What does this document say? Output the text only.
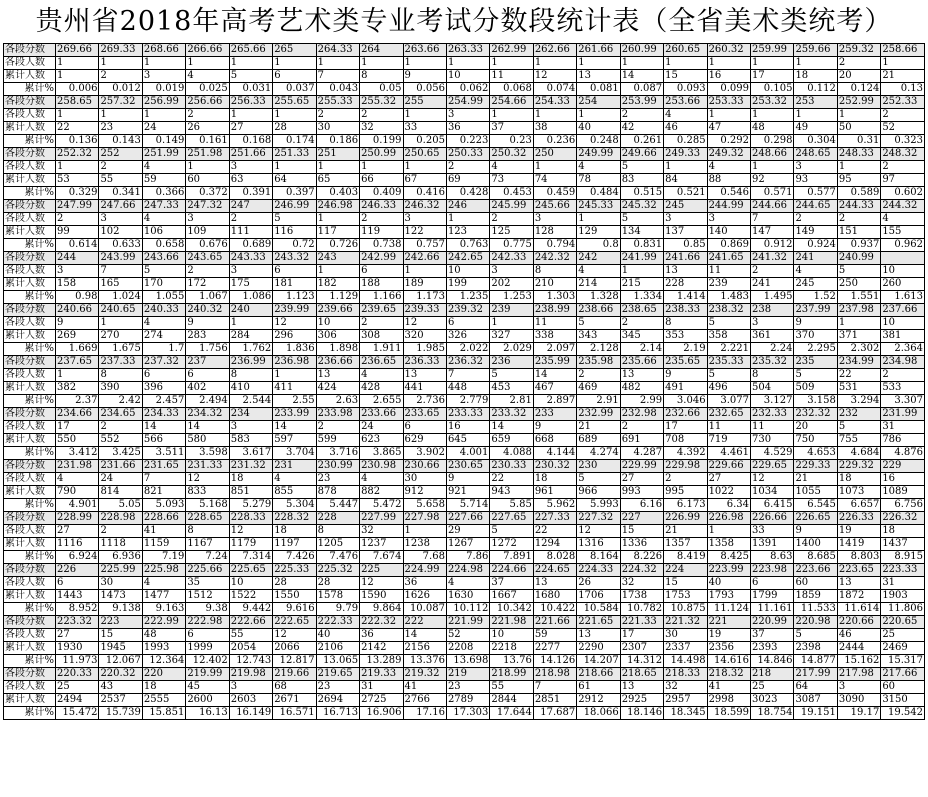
贵州省2018年高考艺术类专业考试分数段统计表（全省美术类统考）
各段分数	269.66	269.33	268.66	266.66	265.66	265	264.33	264	263.66	263.33	262.99	262.66	261.66	260.99	260.65	260.32	259.99	259.66	259.32	258.66
各段人数	1	1	1	1	1	1	1	1	1	1	1	1	1	1	1	1	1	1	2	1
累计人数	1	2	3	4	5	6	7	8	9	10	11	12	13	14	15	16	17	18	20	21
累计%	0.006	0.012	0.019	0.025	0.031	0.037	0.043	0.05	0.056	0.062	0.068	0.074	0.081	0.087	0.093	0.099	0.105	0.112	0.124	0.13
各段分数	258.65	257.32	256.99	256.66	256.33	255.65	255.33	255.32	255	254.99	254.66	254.33	254	253.99	253.66	253.33	253.32	253	252.99	252.33
各段人数	1	1	1	2	1	1	2	2	1	3	1	1	1	2	4	1	1	1	1	2
累计人数	22	23	24	26	27	28	30	32	33	36	37	38	40	42	46	47	48	49	50	52
累计%	0.136	0.143	0.149	0.161	0.168	0.174	0.186	0.199	0.205	0.223	0.23	0.236	0.248	0.261	0.285	0.292	0.298	0.304	0.31	0.323
各段分数	252.32	252	251.99	251.98	251.66	251.33	251	250.99	250.65	250.33	250.32	250	249.99	249.66	249.33	249.32	248.66	248.65	248.33	248.32
各段人数	1	2	4	1	3	1	1	1	1	2	4	1	4	5	1	4	1	3	1	2
累计人数	53	55	59	60	63	64	65	66	67	69	73	74	78	83	84	88	92	93	95	97
累计%	0.329	0.341	0.366	0.372	0.391	0.397	0.403	0.409	0.416	0.428	0.453	0.459	0.484	0.515	0.521	0.546	0.571	0.577	0.589	0.602
各段分数	247.99	247.66	247.33	247.32	247	246.99	246.98	246.33	246.32	246	245.99	245.66	245.33	245.32	245	244.99	244.66	244.65	244.33	244.32
各段人数	2	3	4	3	2	5	1	2	3	1	2	3	1	5	3	3	7	2	2	4
累计人数	99	102	106	109	111	116	117	119	122	123	125	128	129	134	137	140	147	149	151	155
累计%	0.614	0.633	0.658	0.676	0.689	0.72	0.726	0.738	0.757	0.763	0.775	0.794	0.8	0.831	0.85	0.869	0.912	0.924	0.937	0.962
各段分数	244	243.99	243.66	243.65	243.33	243.32	243	242.99	242.66	242.65	242.33	242.32	242	241.99	241.66	241.65	241.32	241	240.99	
各段人数	3	7	5	2	3	6	1	6	1	10	3	8	4	1	13	11	2	4	5	10
累计人数	158	165	170	172	175	181	182	188	189	199	202	210	214	215	228	239	241	245	250	260
累计%	0.98	1.024	1.055	1.067	1.086	1.123	1.129	1.166	1.173	1.235	1.253	1.303	1.328	1.334	1.414	1.483	1.495	1.52	1.551	1.613
各段分数	240.66	240.65	240.33	240.32	240	239.99	239.66	239.65	239.33	239.32	239	238.99	238.66	238.65	238.33	238.32	238	237.99	237.98	237.66
各段人数	9	1	4	9	1	12	10	2	12	6	1	11	5	2	8	5	3	9	1	10
累计人数	269	270	274	283	284	296	306	308	320	326	327	338	343	345	353	358	361	370	371	381
累计%	1.669	1.675	1.7	1.756	1.762	1.836	1.898	1.911	1.985	2.022	2.029	2.097	2.128	2.14	2.19	2.221	2.24	2.295	2.302	2.364
各段分数	237.65	237.33	237.32	237	236.99	236.98	236.66	236.65	236.33	236.32	236	235.99	235.98	235.66	235.65	235.33	235.32	235	234.99	234.98
各段人数	1	8	6	6	8	1	13	4	13	7	5	14	2	13	9	5	8	5	22	2
累计人数	382	390	396	402	410	411	424	428	441	448	453	467	469	482	491	496	504	509	531	533
累计%	2.37	2.42	2.457	2.494	2.544	2.55	2.63	2.655	2.736	2.779	2.81	2.897	2.91	2.99	3.046	3.077	3.127	3.158	3.294	3.307
各段分数	234.66	234.65	234.33	234.32	234	233.99	233.98	233.66	233.65	233.33	233.32	233	232.99	232.98	232.66	232.65	232.33	232.32	232	231.99
各段人数	17	2	14	14	3	14	2	24	6	16	14	9	21	2	17	11	11	20	5	31
累计人数	550	552	566	580	583	597	599	623	629	645	659	668	689	691	708	719	730	750	755	786
累计%	3.412	3.425	3.511	3.598	3.617	3.704	3.716	3.865	3.902	4.001	4.088	4.144	4.274	4.287	4.392	4.461	4.529	4.653	4.684	4.876
各段分数	231.98	231.66	231.65	231.33	231.32	231	230.99	230.98	230.66	230.65	230.33	230.32	230	229.99	229.98	229.66	229.65	229.33	229.32	229
各段人数	4	24	7	12	18	4	23	4	30	9	22	18	5	27	2	27	12	21	18	16
累计人数	790	814	821	833	851	855	878	882	912	921	943	961	966	993	995	1022	1034	1055	1073	1089
累计%	4.901	5.05	5.093	5.168	5.279	5.304	5.447	5.472	5.658	5.714	5.85	5.962	5.993	6.16	6.173	6.34	6.415	6.545	6.657	6.756
各段分数	228.99	228.98	228.66	228.65	228.33	228.32	228	227.99	227.98	227.66	227.65	227.33	227.32	227	226.99	226.98	226.66	226.65	226.33	226.32
各段人数	27	2	41	8	12	18	8	32	1	29	5	22	12	15	21	1	33	9	19	18
累计人数	1116	1118	1159	1167	1179	1197	1205	1237	1238	1267	1272	1294	1316	1336	1357	1358	1391	1400	1419	1437
累计%	6.924	6.936	7.19	7.24	7.314	7.426	7.476	7.674	7.68	7.86	7.891	8.028	8.164	8.226	8.419	8.425	8.63	8.685	8.803	8.915
各段分数	226	225.99	225.98	225.66	225.65	225.33	225.32	225	224.99	224.98	224.66	224.65	224.33	224.32	224	223.99	223.98	223.66	223.65	223.33
各段人数	6	30	4	35	10	28	28	12	36	4	37	13	26	32	15	40	6	60	13	31
累计人数	1443	1473	1477	1512	1522	1550	1578	1590	1626	1630	1667	1680	1706	1738	1753	1793	1799	1859	1872	1903
累计%	8.952	9.138	9.163	9.38	9.442	9.616	9.79	9.864	10.087	10.112	10.342	10.422	10.584	10.782	10.875	11.124	11.161	11.533	11.614	11.806
各段分数	223.32	223	222.99	222.98	222.66	222.65	222.33	222.32	222	221.99	221.98	221.66	221.65	221.33	221.32	221	220.99	220.98	220.66	220.65
各段人数	27	15	48	6	55	12	40	36	14	52	10	59	13	17	30	19	37	5	46	25
累计人数	1930	1945	1993	1999	2054	2066	2106	2142	2156	2208	2218	2277	2290	2307	2337	2356	2393	2398	2444	2469
累计%	11.973	12.067	12.364	12.402	12.743	12.817	13.065	13.289	13.376	13.698	13.76	14.126	14.207	14.312	14.498	14.616	14.846	14.877	15.162	15.317
各段分数	220.33	220.32	220	219.99	219.98	219.66	219.65	219.33	219.32	219	218.99	218.98	218.66	218.65	218.33	218.32	218	217.99	217.98	217.66
各段人数	25	43	18	45	3	68	23	31	41	23	55	7	61	13	32	41	25	64	3	60
累计人数	2494	2537	2555	2600	2603	2671	2694	2725	2766	2789	2844	2851	2912	2925	2957	2998	3023	3087	3090	3150
累计%	15.472	15.739	15.851	16.13	16.149	16.571	16.713	16.906	17.16	17.303	17.644	17.687	18.066	18.146	18.345	18.599	18.754	19.151	19.17	19.542
